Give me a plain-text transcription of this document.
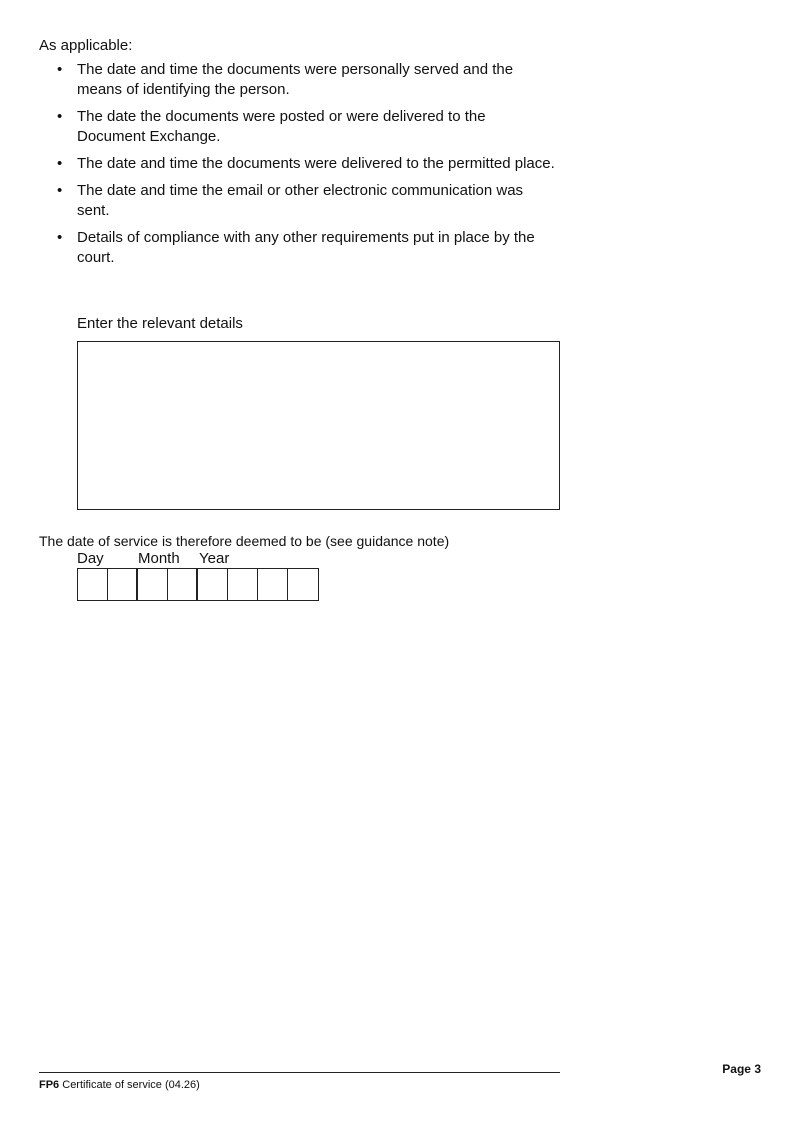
As applicable:

• The date and time the documents were personally served and the means of identifying the person.
• The date the documents were posted or were delivered to the Document Exchange.
• The date and time the documents were delivered to the permitted place.
• The date and time the email or other electronic communication was sent.
• Details of compliance with any other requirements put in place by the court.

Enter the relevant details

The date of service is therefore deemed to be (see guidance note)

Day Month Year
FP6 Certificate of service (04.26)
Page 3
